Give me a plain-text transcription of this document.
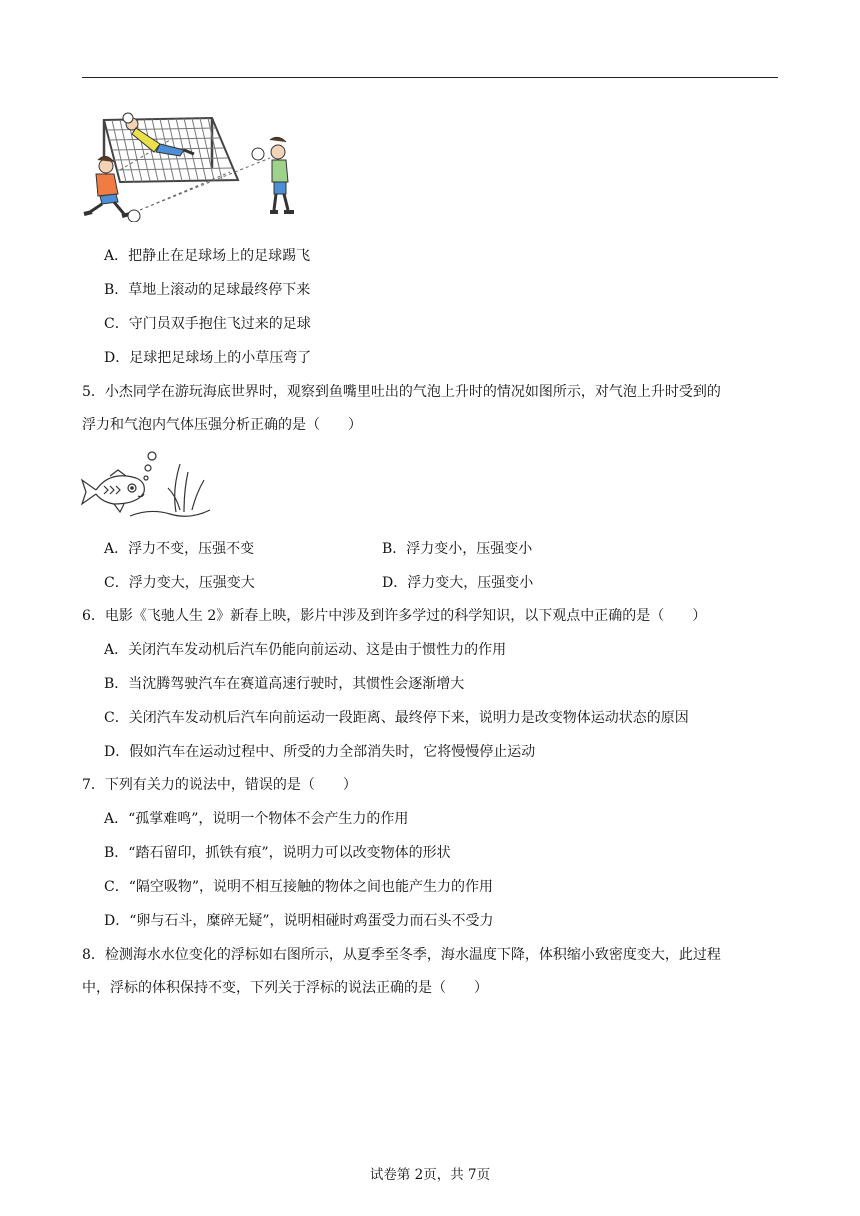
A．把静止在足球场上的足球踢飞
B．草地上滚动的足球最终停下来
C．守门员双手抱住飞过来的足球
D．足球把足球场上的小草压弯了
5．小杰同学在游玩海底世界时，观察到鱼嘴里吐出的气泡上升时的情况如图所示，对气泡上升时受到的
浮力和气泡内气体压强分析正确的是（　　）
A．浮力不变，压强不变	B．浮力变小，压强变小
C．浮力变大，压强变大	D．浮力变大，压强变小
6．电影《飞驰人生 2》新春上映，影片中涉及到许多学过的科学知识，以下观点中正确的是（　　）
A．关闭汽车发动机后汽车仍能向前运动、这是由于惯性力的作用
B．当沈腾驾驶汽车在赛道高速行驶时，其惯性会逐渐增大
C．关闭汽车发动机后汽车向前运动一段距离、最终停下来，说明力是改变物体运动状态的原因
D．假如汽车在运动过程中、所受的力全部消失时，它将慢慢停止运动
7．下列有关力的说法中，错误的是（　　）
A．“孤掌难鸣”，说明一个物体不会产生力的作用
B．“踏石留印，抓铁有痕”，说明力可以改变物体的形状
C．“隔空吸物”，说明不相互接触的物体之间也能产生力的作用
D．“卵与石斗，糜碎无疑”，说明相碰时鸡蛋受力而石头不受力
8．检测海水水位变化的浮标如右图所示，从夏季至冬季，海水温度下降，体积缩小致密度变大，此过程
中，浮标的体积保持不变，下列关于浮标的说法正确的是（　　）
试卷第 2页，共 7页
